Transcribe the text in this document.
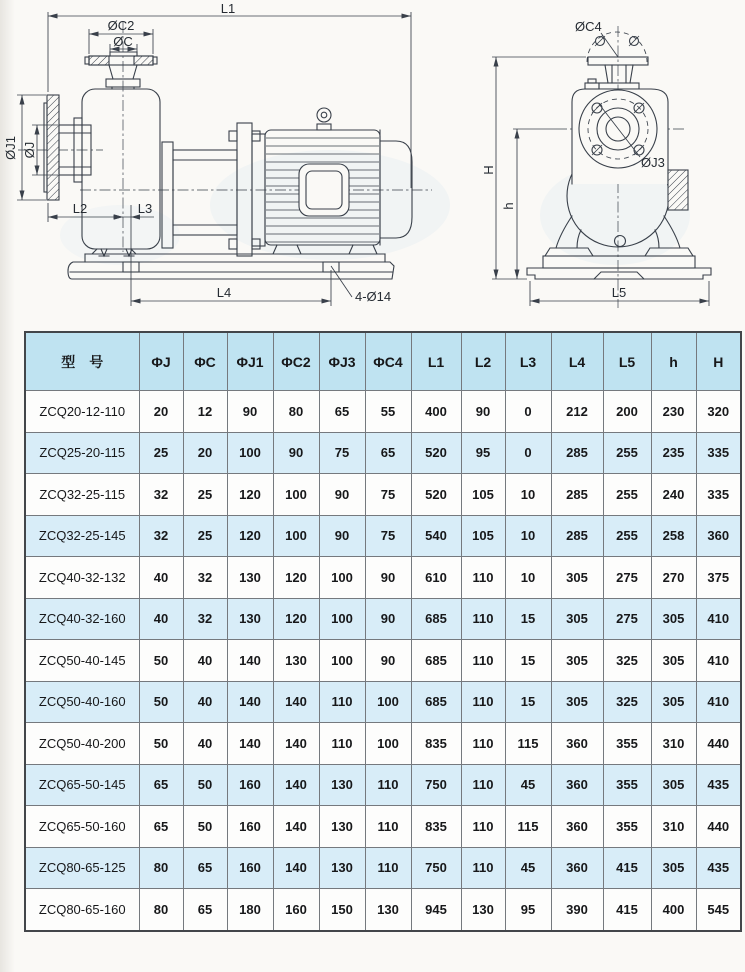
L1
ØC2
ØC
ØJ1 ØJ
L2	L3
L4	4-Ø14
ØC4
ØJ3
L5
H
h
型　号	ΦJ	ΦC	ΦJ1	ΦC2	ΦJ3	ΦC4	L1	L2	L3	L4	L5	h	H
ZCQ20-12-110	20	12	90	80	65	55	400	90	0	212	200	230	320
ZCQ25-20-115	25	20	100	90	75	65	520	95	0	285	255	235	335
ZCQ32-25-115	32	25	120	100	90	75	520	105	10	285	255	240	335
ZCQ32-25-145	32	25	120	100	90	75	540	105	10	285	255	258	360
ZCQ40-32-132	40	32	130	120	100	90	610	110	10	305	275	270	375
ZCQ40-32-160	40	32	130	120	100	90	685	110	15	305	275	305	410
ZCQ50-40-145	50	40	140	130	100	90	685	110	15	305	325	305	410
ZCQ50-40-160	50	40	140	140	110	100	685	110	15	305	325	305	410
ZCQ50-40-200	50	40	140	140	110	100	835	110	115	360	355	310	440
ZCQ65-50-145	65	50	160	140	130	110	750	110	45	360	355	305	435
ZCQ65-50-160	65	50	160	140	130	110	835	110	115	360	355	310	440
ZCQ80-65-125	80	65	160	140	130	110	750	110	45	360	415	305	435
ZCQ80-65-160	80	65	180	160	150	130	945	130	95	390	415	400	545
